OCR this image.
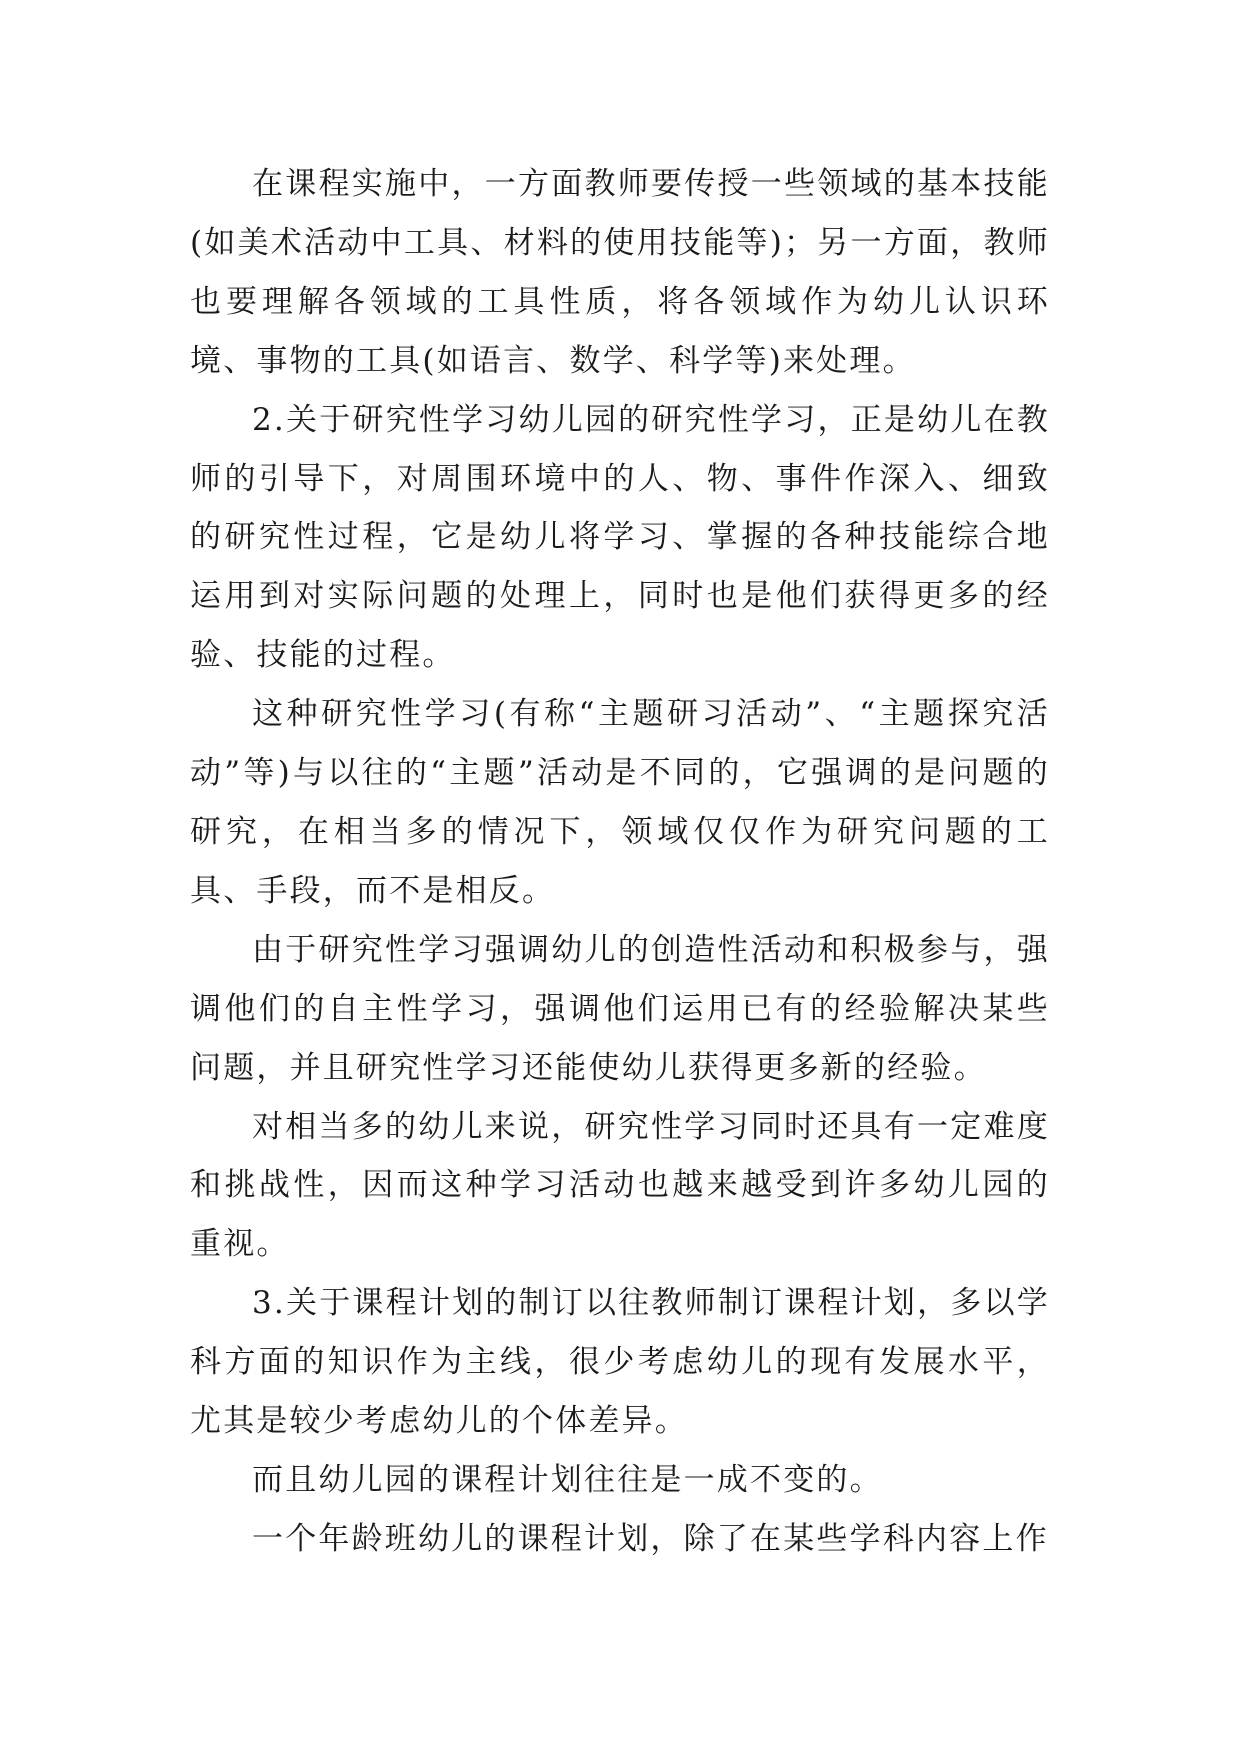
在课程实施中，一方面教师要传授一些领域的基本技能(如美术活动中工具、材料的使用技能等)；另一方面，教师也要理解各领域的工具性质，将各领域作为幼儿认识环境、事物的工具(如语言、数学、科学等)来处理。

2.关于研究性学习幼儿园的研究性学习，正是幼儿在教师的引导下，对周围环境中的人、物、事件作深入、细致的研究性过程，它是幼儿将学习、掌握的各种技能综合地运用到对实际问题的处理上，同时也是他们获得更多的经验、技能的过程。

这种研究性学习(有称“主题研习活动”、“主题探究活动”等)与以往的“主题”活动是不同的，它强调的是问题的研究，在相当多的情况下，领域仅仅作为研究问题的工具、手段，而不是相反。

由于研究性学习强调幼儿的创造性活动和积极参与，强调他们的自主性学习，强调他们运用已有的经验解决某些问题，并且研究性学习还能使幼儿获得更多新的经验。

对相当多的幼儿来说，研究性学习同时还具有一定难度和挑战性，因而这种学习活动也越来越受到许多幼儿园的重视。

3.关于课程计划的制订以往教师制订课程计划，多以学科方面的知识作为主线，很少考虑幼儿的现有发展水平，尤其是较少考虑幼儿的个体差异。

而且幼儿园的课程计划往往是一成不变的。

一个年龄班幼儿的课程计划，除了在某些学科内容上作
